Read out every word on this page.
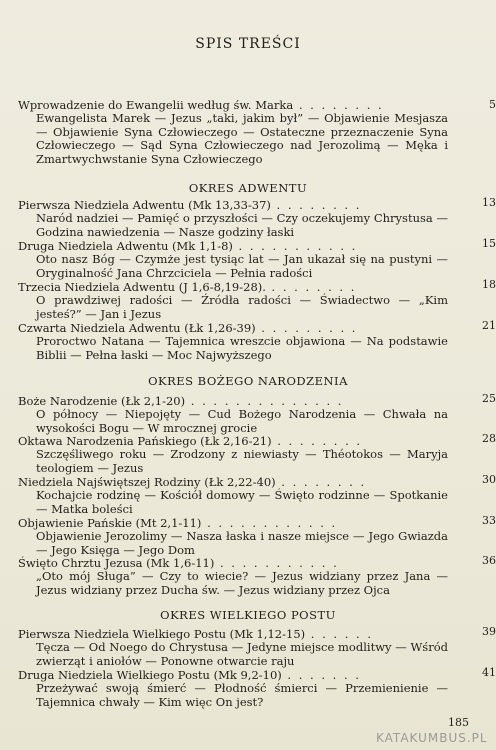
SPIS TREŚCI
Wprowadzenie do Ewangelii według św. Marka . . . . . . . .
Ewangelista Marek — Jezus „taki, jakim był” — Objawienie Mesjasza — Objawienie Syna Człowieczego — Ostateczne przeznaczenie Syna Człowieczego — Sąd Syna Człowieczego nad Jerozolimą — Męka i Zmartwychwstanie Syna Człowieczego
5
OKRES ADWENTU
Pierwsza Niedziela Adwentu (Mk 13,33-37) . . . . . . . .
Naród nadziei — Pamięć o przyszłości — Czy oczekujemy Chrystusa — Godzina nawiedzenia — Nasze godziny łaski
13
Druga Niedziela Adwentu (Mk 1,1-8) . . . . . . . . . . .
Oto nasz Bóg — Czymże jest tysiąc lat — Jan ukazał się na pustyni — Oryginalność Jana Chrzciciela — Pełnia radości
15
Trzecia Niedziela Adwentu (J 1,6-8,19-28). . . . . . . . .
O prawdziwej radości — Źródła radości — Świadectwo — „Kim jesteś?” — Jan i Jezus
18
Czwarta Niedziela Adwentu (Łk 1,26-39) . . . . . . . . .
Proroctwo Natana — Tajemnica wreszcie objawiona — Na podstawie Biblii — Pełna łaski — Moc Najwyższego
21
OKRES BOŻEGO NARODZENIA
Boże Narodzenie (Łk 2,1-20) . . . . . . . . . . . . . .
O północy — Niepojęty — Cud Bożego Narodzenia — Chwała na wysokości Bogu — W mrocznej grocie
25
Oktawa Narodzenia Pańskiego (Łk 2,16-21) . . . . . . . .
Szczęśliwego roku — Zrodzony z niewiasty — Théotokos — Maryja teologiem — Jezus
28
Niedziela Najświętszej Rodziny (Łk 2,22-40) . . . . . . . .
Kochajcie rodzinę — Kościół domowy — Święto rodzinne — Spotkanie — Matka boleści
30
Objawienie Pańskie (Mt 2,1-11) . . . . . . . . . . . .
Objawienie Jerozolimy — Nasza łaska i nasze miejsce — Jego Gwiazda — Jego Księga — Jego Dom
33
Święto Chrztu Jezusa (Mk 1,6-11) . . . . . . . . . . .
„Oto mój Sługa” — Czy to wiecie? — Jezus widziany przez Jana — Jezus widziany przez Ducha św. — Jezus widziany przez Ojca
36
OKRES WIELKIEGO POSTU
Pierwsza Niedziela Wielkiego Postu (Mk 1,12-15) . . . . . .
Tęcza — Od Noego do Chrystusa — Jedyne miejsce modlitwy — Wśród zwierząt i aniołów — Ponowne otwarcie raju
39
Druga Niedziela Wielkiego Postu (Mk 9,2-10) . . . . . . .
Przeżywać swoją śmierć — Płodność śmierci — Przemienienie — Tajemnica chwały — Kim więc On jest?
41
185
KATAKUMBUS.PL
